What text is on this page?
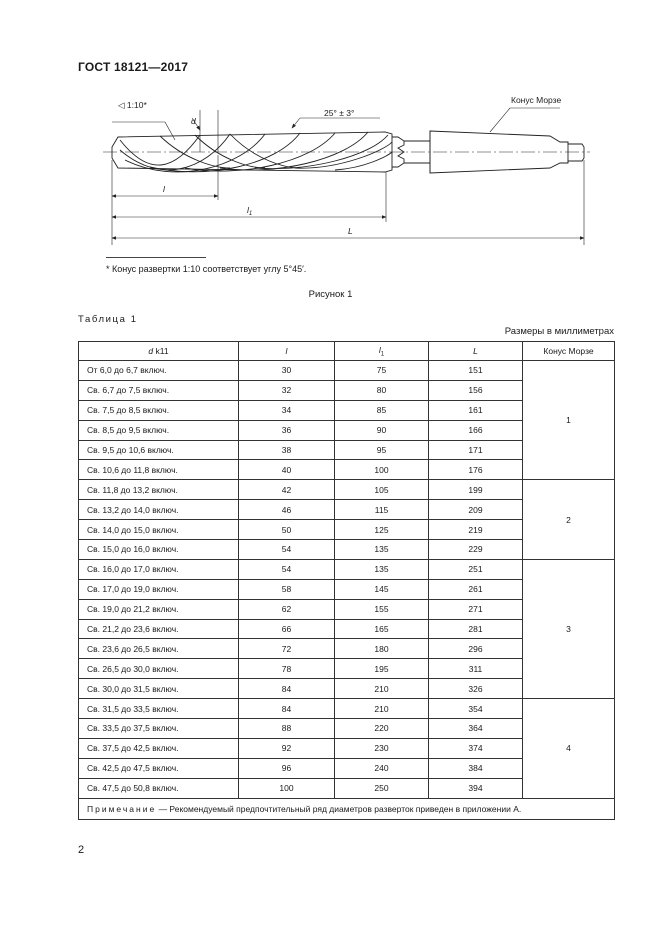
ГОСТ 18121—2017
◁ 1:10*
25° ± 3°
Конус Морзе
d
l
$l_1$
L
* Конус развертки 1:10 соответствует углу 5°45′.
Рисунок 1
Таблица 1
Размеры в миллиметрах
d k11	l	$l_1$	L	Конус Морзе
От 6,0 до 6,7 включ.	30	75	151	1
Св. 6,7 до 7,5 включ.	32	80	156	
Св. 7,5 до 8,5 включ.	34	85	161	
Св. 8,5 до 9,5 включ.	36	90	166	
Св. 9,5 до 10,6 включ.	38	95	171	
Св. 10,6 до 11,8 включ.	40	100	176	
Св. 11,8 до 13,2 включ.	42	105	199	2
Св. 13,2 до 14,0 включ.	46	115	209	
Св. 14,0 до 15,0 включ.	50	125	219	
Св. 15,0 до 16,0 включ.	54	135	229	
Св. 16,0 до 17,0 включ.	54	135	251	3
Св. 17,0 до 19,0 включ.	58	145	261	
Св. 19,0 до 21,2 включ.	62	155	271	
Св. 21,2 до 23,6 включ.	66	165	281	
Св. 23,6 до 26,5 включ.	72	180	296	
Св. 26,5 до 30,0 включ.	78	195	311	
Св. 30,0 до 31,5 включ.	84	210	326	
Св. 31,5 до 33,5 включ.	84	210	354	4
Св. 33,5 до 37,5 включ.	88	220	364	
Св. 37,5 до 42,5 включ.	92	230	374	
Св. 42,5 до 47,5 включ.	96	240	384	
Св. 47,5 до 50,8 включ.	100	250	394	
Примечание — Рекомендуемый предпочтительный ряд диаметров разверток приведен в приложении А.				
2
